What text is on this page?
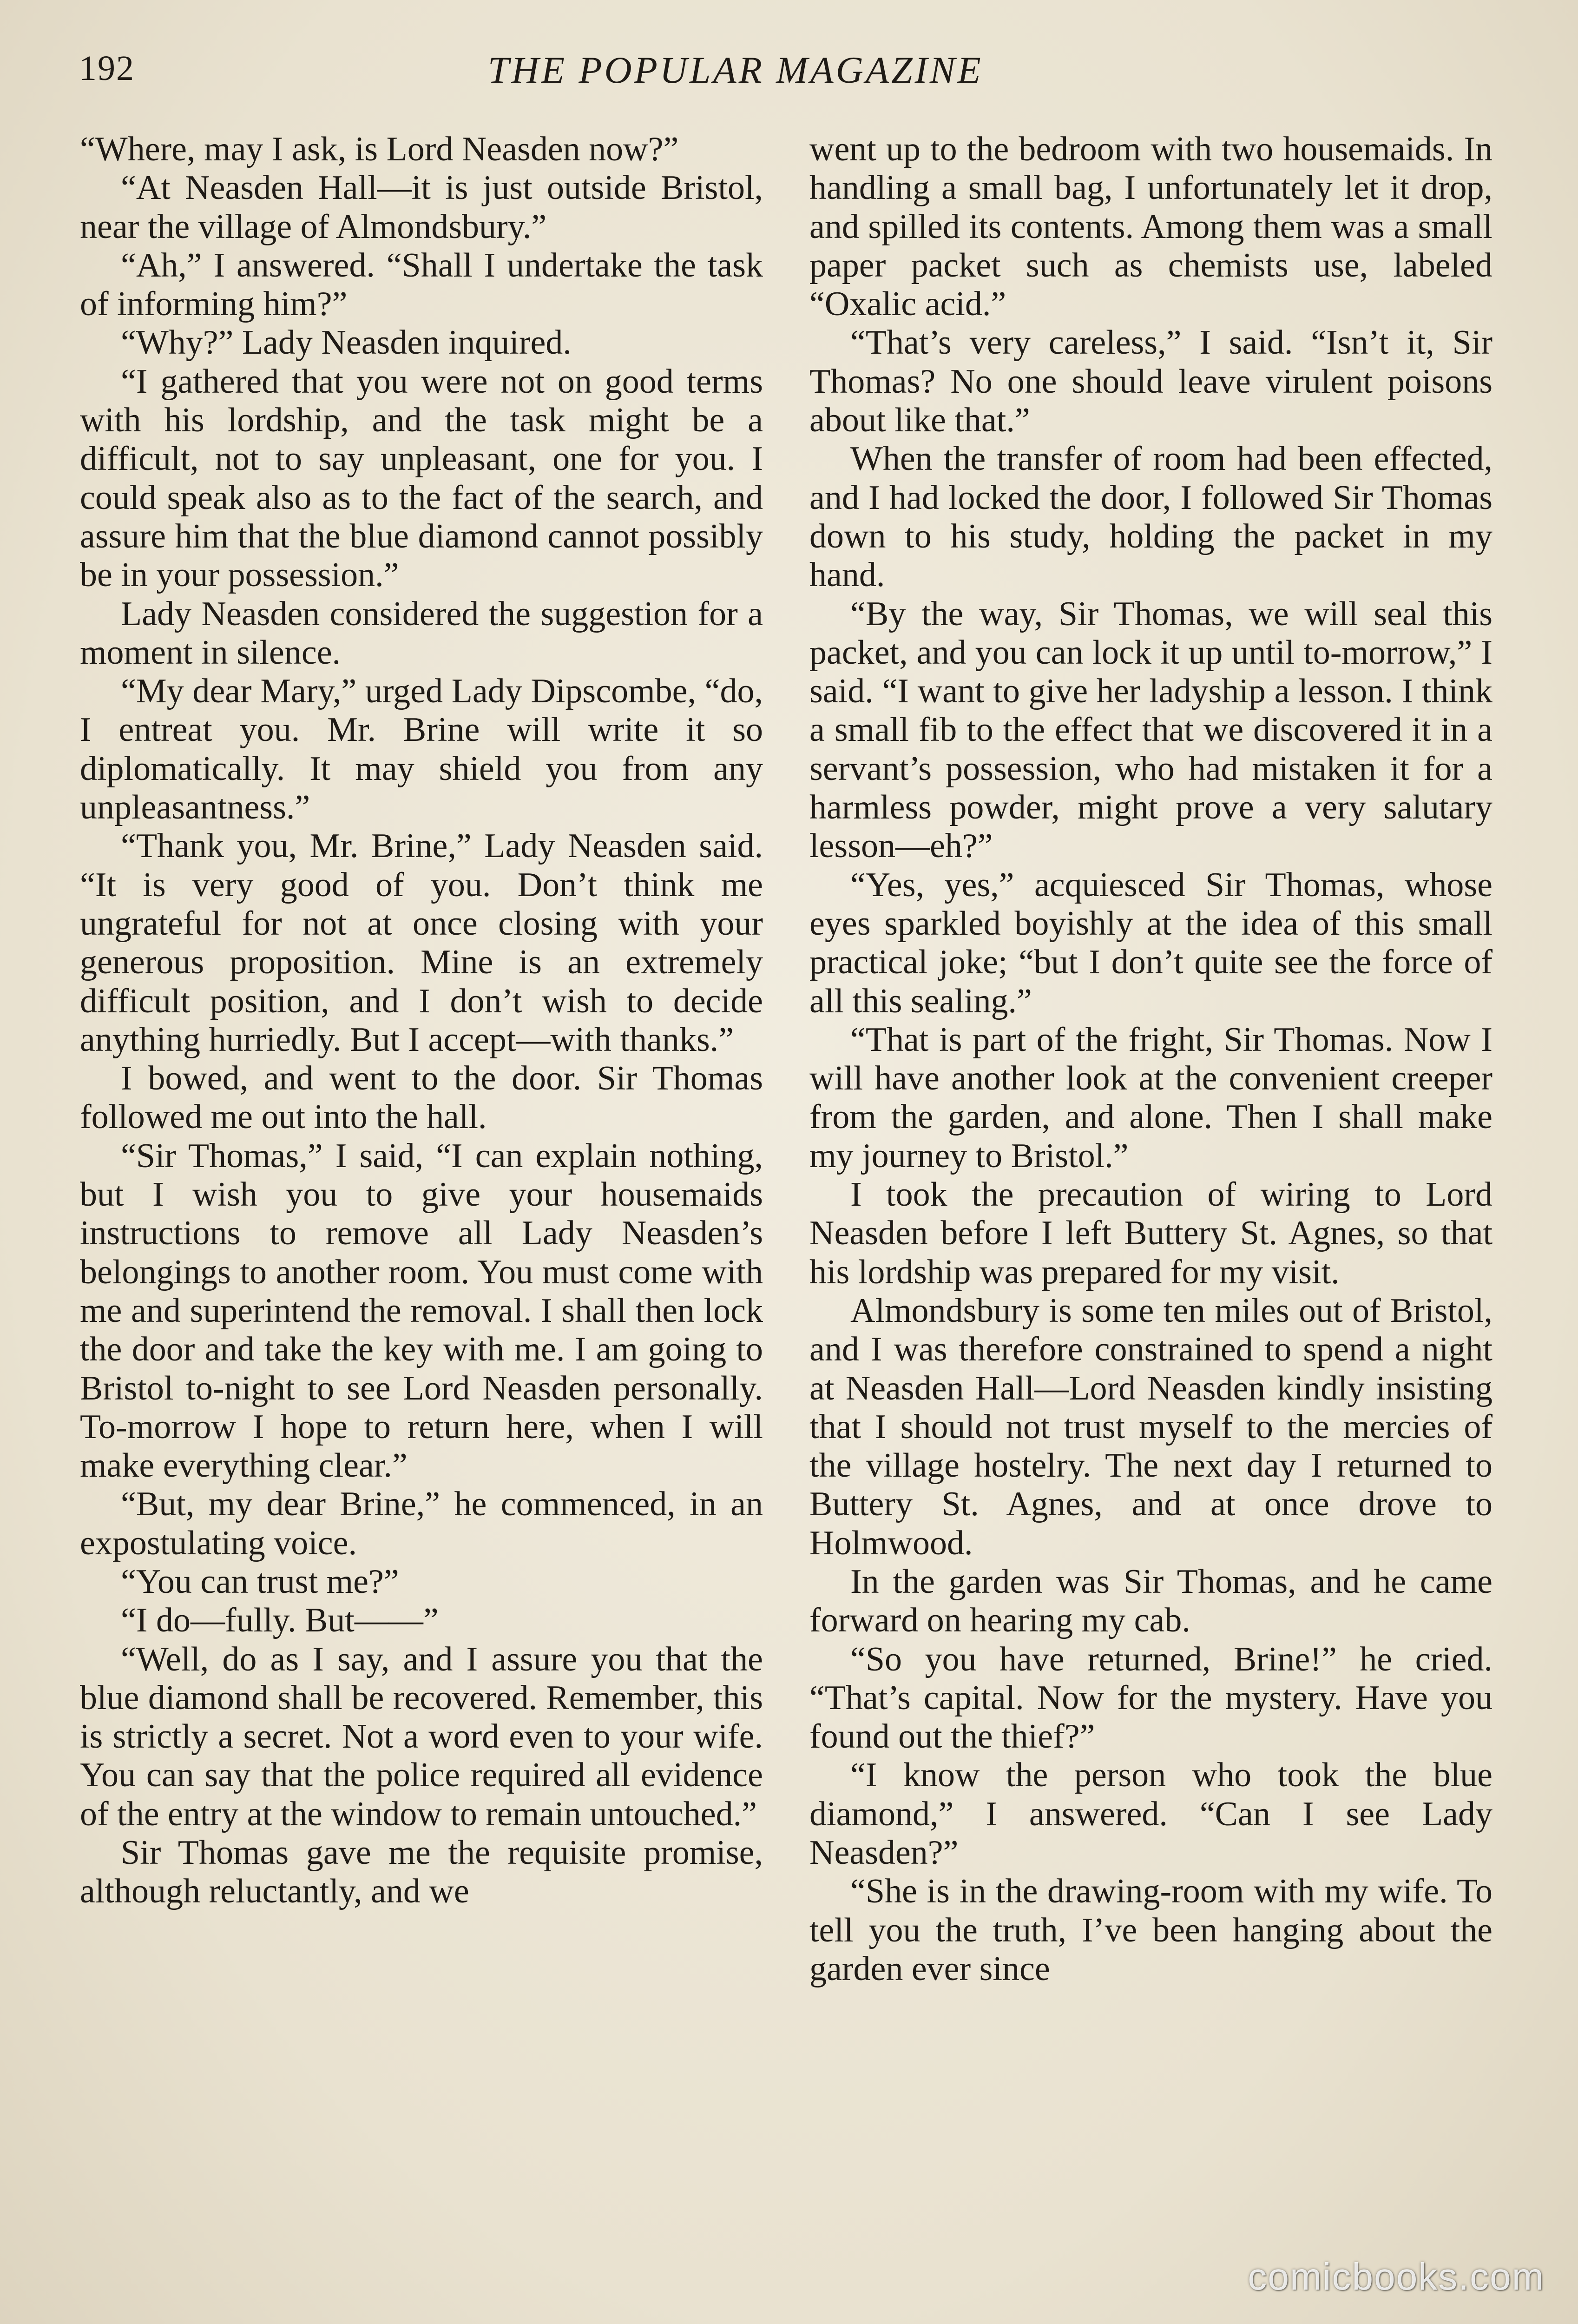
192	THE POPULAR MAGAZINE

“Where, may I ask, is Lord Neasden now?”

“At Neasden Hall—it is just outside Bristol, near the village of Almondsbury.”

“Ah,” I answered. “Shall I undertake the task of informing him?”

“Why?” Lady Neasden inquired.

“I gathered that you were not on good terms with his lordship, and the task might be a difficult, not to say unpleasant, one for you. I could speak also as to the fact of the search, and assure him that the blue diamond cannot possibly be in your possession.”

Lady Neasden considered the suggestion for a moment in silence.

“My dear Mary,” urged Lady Dipscombe, “do, I entreat you. Mr. Brine will write it so diplomatically. It may shield you from any unpleasantness.”

“Thank you, Mr. Brine,” Lady Neasden said. “It is very good of you. Don’t think me ungrateful for not at once closing with your generous proposition. Mine is an extremely difficult position, and I don’t wish to decide anything hurriedly. But I accept—with thanks.”

I bowed, and went to the door. Sir Thomas followed me out into the hall.

“Sir Thomas,” I said, “I can explain nothing, but I wish you to give your housemaids instructions to remove all Lady Neasden’s belongings to another room. You must come with me and superintend the removal. I shall then lock the door and take the key with me. I am going to Bristol to-night to see Lord Neasden personally. To-morrow I hope to return here, when I will make everything clear.”

“But, my dear Brine,” he commenced, in an expostulating voice.

“You can trust me?”

“I do—fully. But——”

“Well, do as I say, and I assure you that the blue diamond shall be recovered. Remember, this is strictly a secret. Not a word even to your wife. You can say that the police required all evidence of the entry at the window to remain untouched.”

Sir Thomas gave me the requisite promise, although reluctantly, and we

went up to the bedroom with two housemaids. In handling a small bag, I unfortunately let it drop, and spilled its contents. Among them was a small paper packet such as chemists use, labeled “Oxalic acid.”

“That’s very careless,” I said. “Isn’t it, Sir Thomas? No one should leave virulent poisons about like that.”

When the transfer of room had been effected, and I had locked the door, I followed Sir Thomas down to his study, holding the packet in my hand.

“By the way, Sir Thomas, we will seal this packet, and you can lock it up until to-morrow,” I said. “I want to give her ladyship a lesson. I think a small fib to the effect that we discovered it in a servant’s possession, who had mistaken it for a harmless powder, might prove a very salutary lesson—eh?”

“Yes, yes,” acquiesced Sir Thomas, whose eyes sparkled boyishly at the idea of this small practical joke; “but I don’t quite see the force of all this sealing.”

“That is part of the fright, Sir Thomas. Now I will have another look at the convenient creeper from the garden, and alone. Then I shall make my journey to Bristol.”

I took the precaution of wiring to Lord Neasden before I left Buttery St. Agnes, so that his lordship was prepared for my visit.

Almondsbury is some ten miles out of Bristol, and I was therefore constrained to spend a night at Neasden Hall—Lord Neasden kindly insisting that I should not trust myself to the mercies of the village hostelry. The next day I returned to Buttery St. Agnes, and at once drove to Holmwood.

In the garden was Sir Thomas, and he came forward on hearing my cab.

“So you have returned, Brine!” he cried. “That’s capital. Now for the mystery. Have you found out the thief?”

“I know the person who took the blue diamond,” I answered. “Can I see Lady Neasden?”

“She is in the drawing-room with my wife. To tell you the truth, I’ve been hanging about the garden ever since

comicbooks.com
